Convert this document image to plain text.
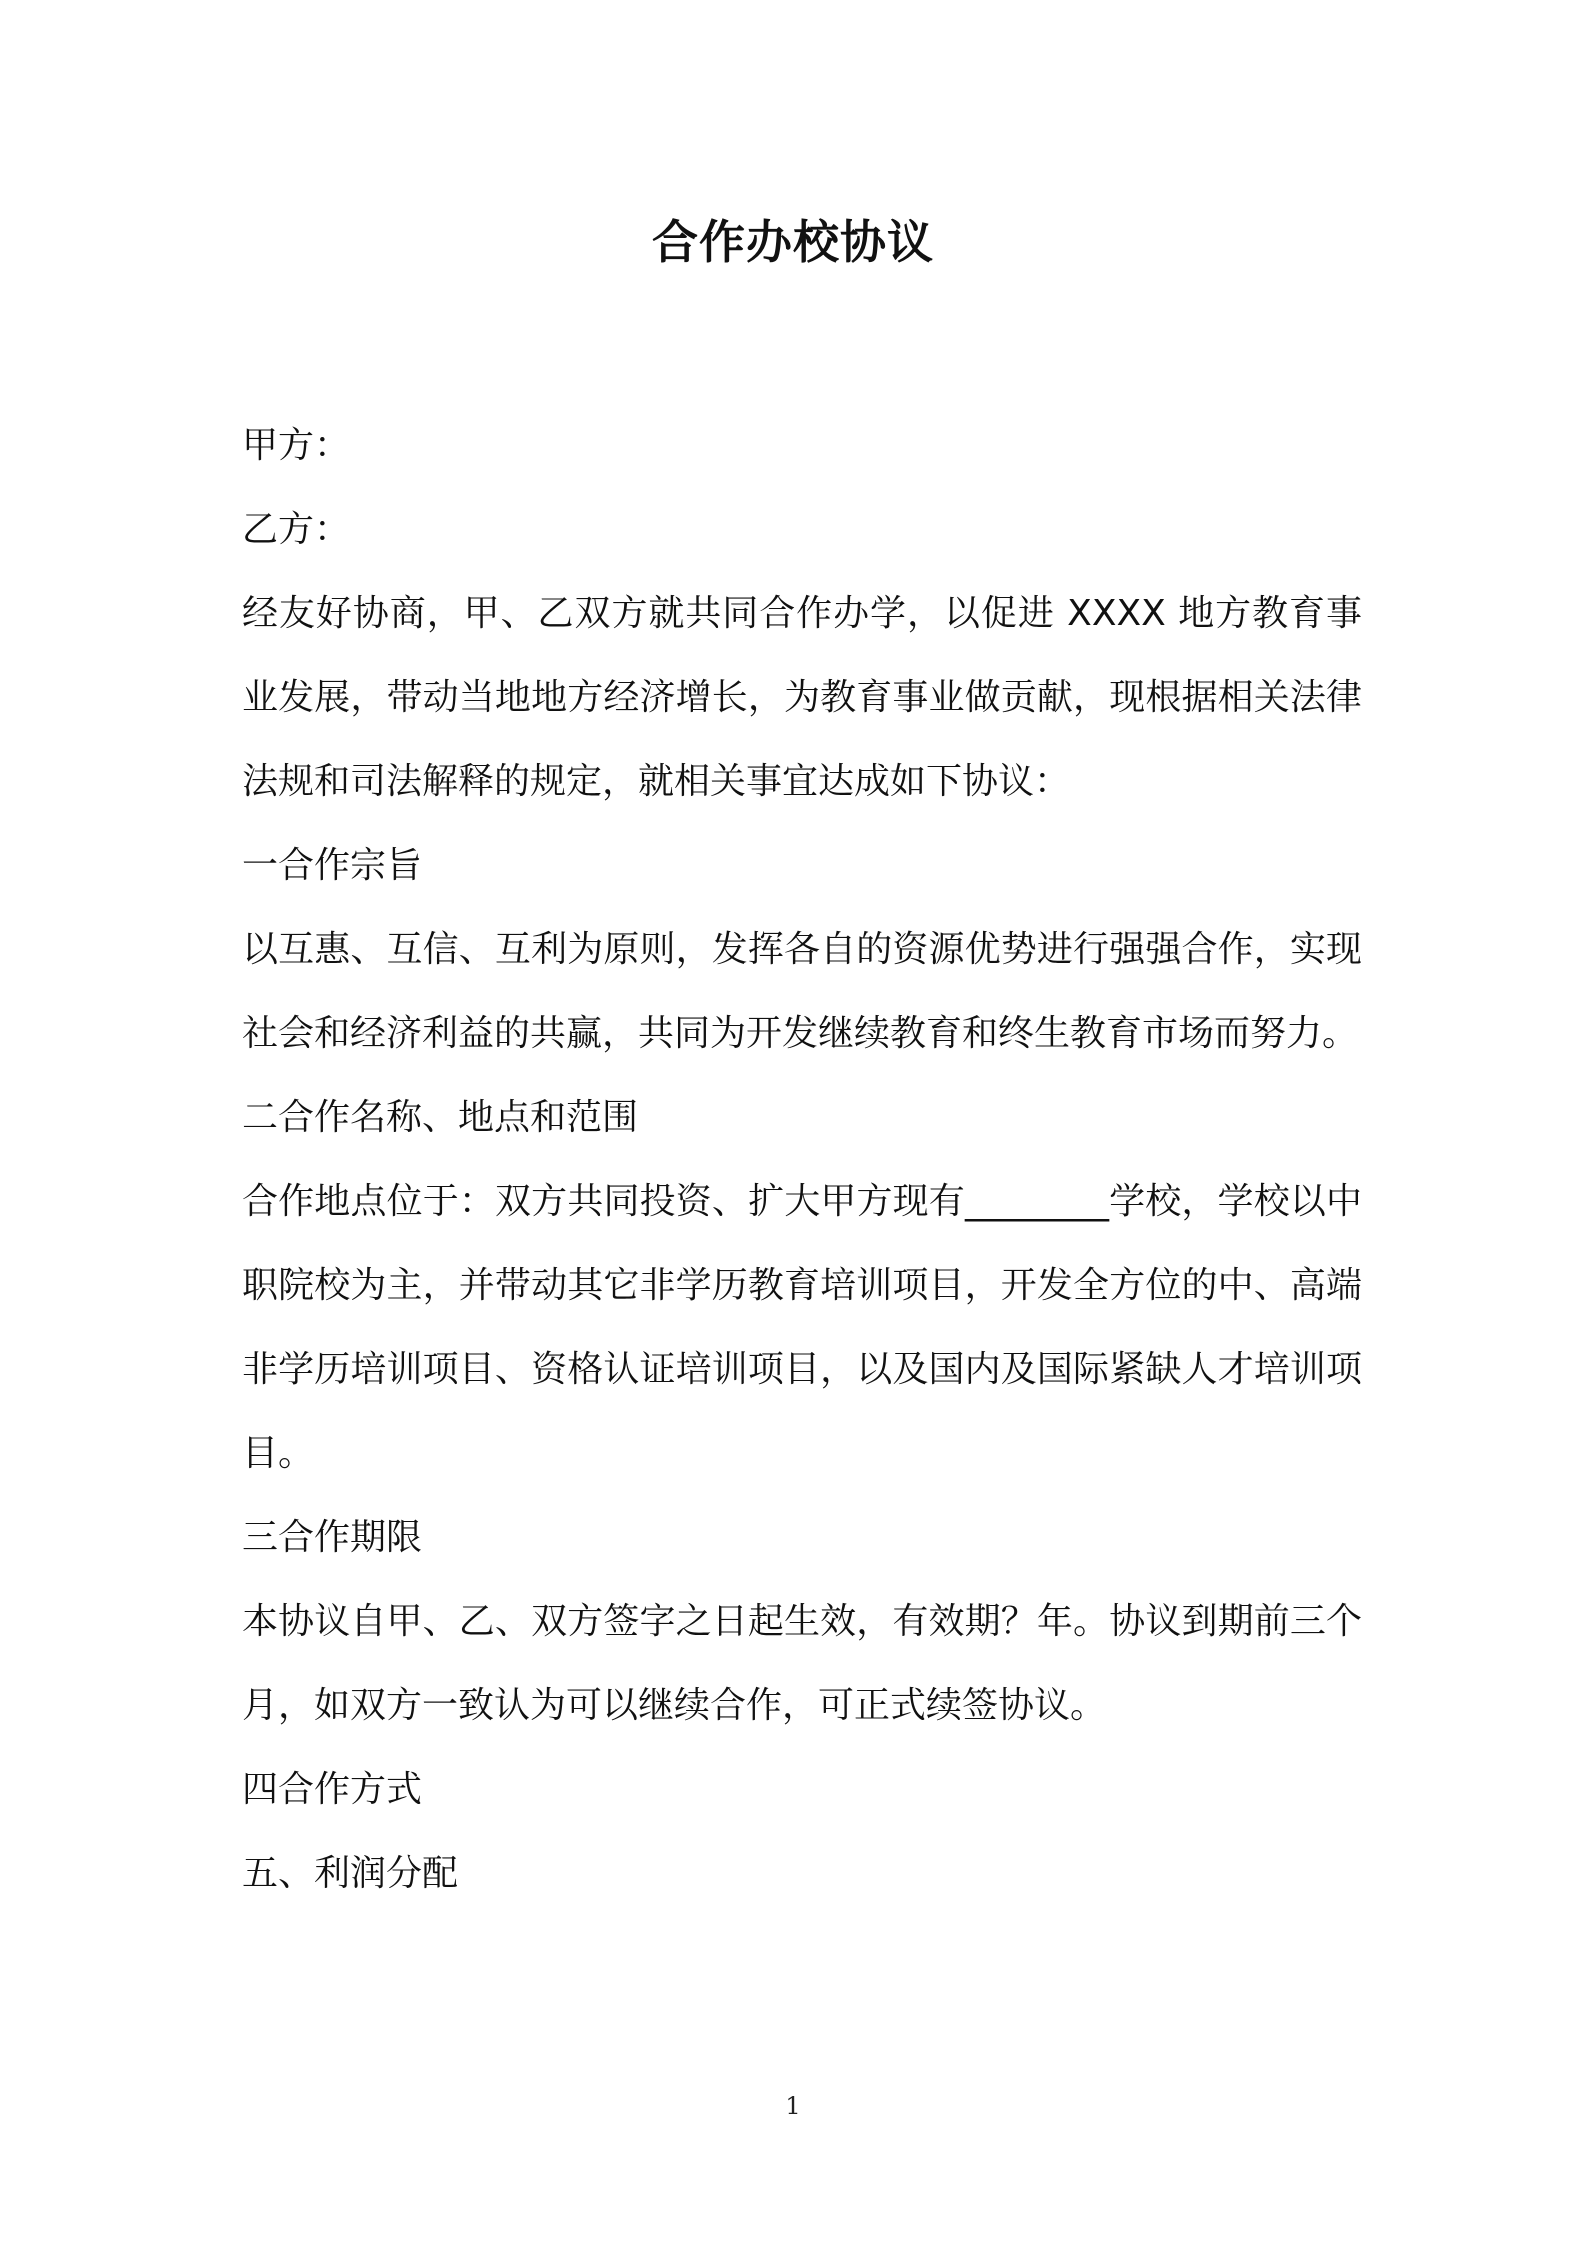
合作办校协议

甲方：

乙方：

经友好协商，甲、乙双方就共同合作办学，以促进 XXXX 地方教育事业发展，带动当地地方经济增长，为教育事业做贡献，现根据相关法律法规和司法解释的规定，就相关事宜达成如下协议：

一合作宗旨

以互惠、互信、互利为原则，发挥各自的资源优势进行强强合作，实现社会和经济利益的共赢，共同为开发继续教育和终生教育市场而努力。

二合作名称、地点和范围

合作地点位于：双方共同投资、扩大甲方现有________学校，学校以中职院校为主，并带动其它非学历教育培训项目，开发全方位的中、高端非学历培训项目、资格认证培训项目，以及国内及国际紧缺人才培训项目。

三合作期限

本协议自甲、乙、双方签字之日起生效，有效期？年。协议到期前三个月，如双方一致认为可以继续合作，可正式续签协议。

四合作方式

五、利润分配

1
